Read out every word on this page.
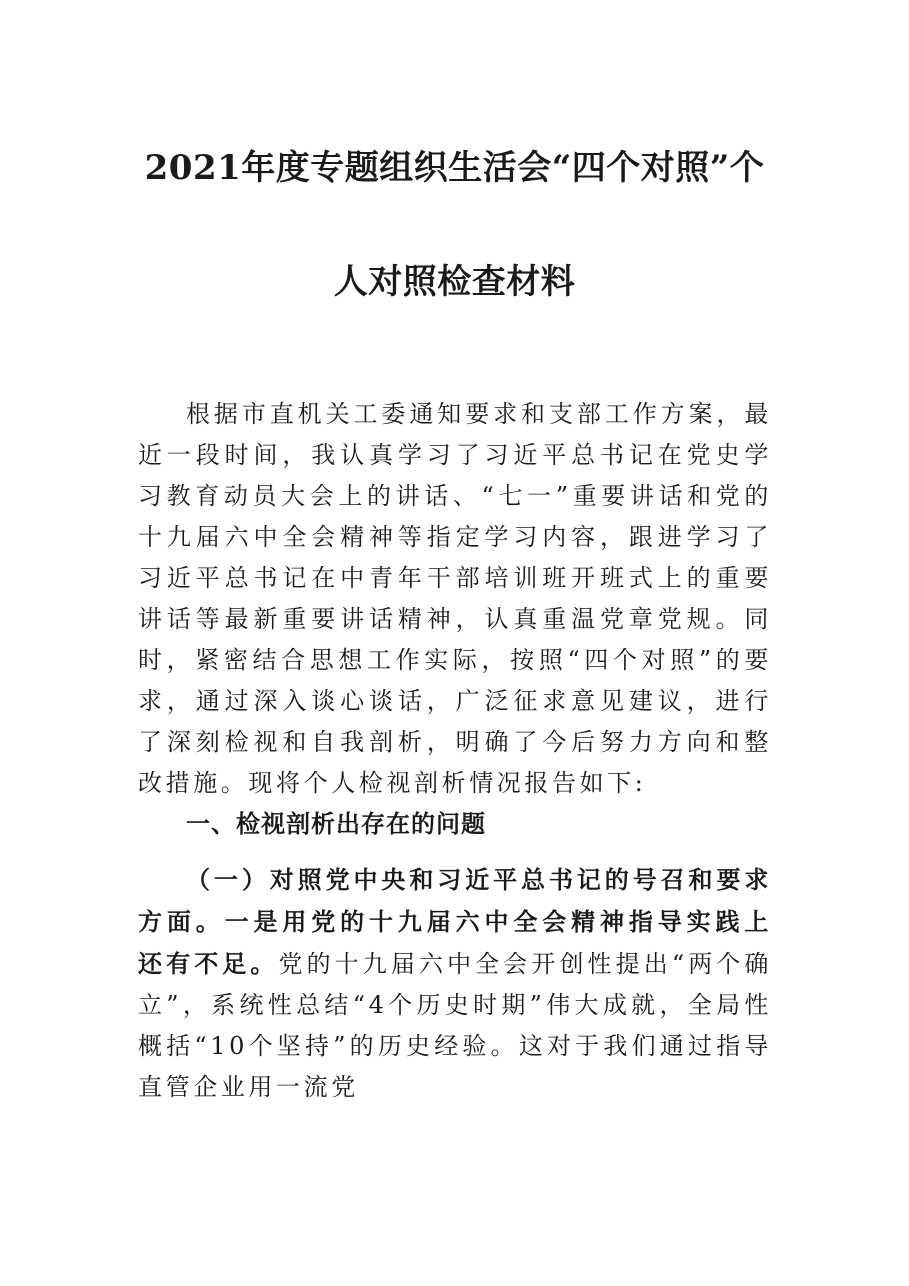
2021年度专题组织生活会“四个对照”个
人对照检查材料

根据市直机关工委通知要求和支部工作方案，最近一段时间，我认真学习了习近平总书记在党史学习教育动员大会上的讲话、“七一”重要讲话和党的十九届六中全会精神等指定学习内容，跟进学习了习近平总书记在中青年干部培训班开班式上的重要讲话等最新重要讲话精神，认真重温党章党规。同时，紧密结合思想工作实际，按照“四个对照”的要求，通过深入谈心谈话，广泛征求意见建议，进行了深刻检视和自我剖析，明确了今后努力方向和整改措施。现将个人检视剖析情况报告如下:

一、检视剖析出存在的问题

（一）对照党中央和习近平总书记的号召和要求方面。一是用党的十九届六中全会精神指导实践上还有不足。党的十九届六中全会开创性提出“两个确立”，系统性总结“4个历史时期”伟大成就，全局性概括“10个坚持”的历史经验。这对于我们通过指导直管企业用一流党
